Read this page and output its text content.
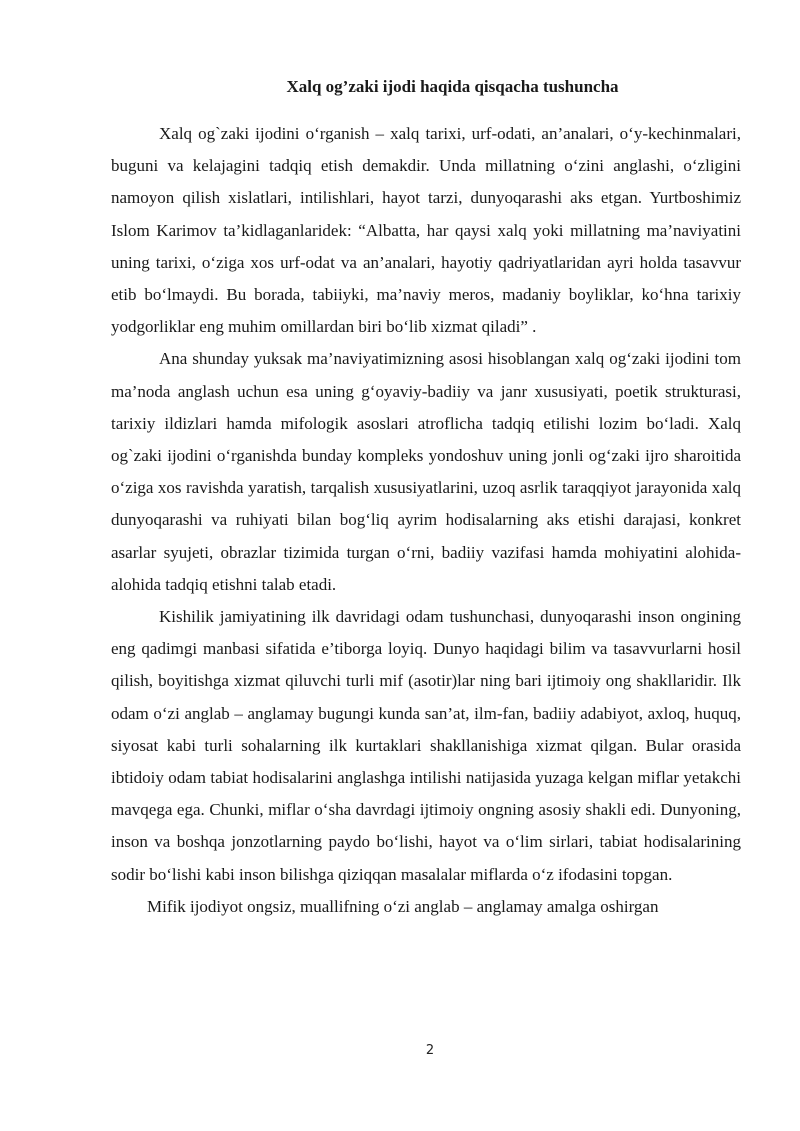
Xalq og’zaki ijodi haqida qisqacha tushuncha

Xalq og`zaki ijodini o‘rganish – xalq tarixi, urf-odati, an’analari, o‘y-kechinmalari, buguni va kelajagini tadqiq etish demakdir. Unda millatning o‘zini anglashi, o‘zligini namoyon qilish xislatlari, intilishlari, hayot tarzi, dunyoqarashi aks etgan. Yurtboshimiz Islom Karimov ta’kidlaganlaridek: “Albatta, har qaysi xalq yoki millatning ma’naviyatini uning tarixi, o‘ziga xos urf-odat va an’analari, hayotiy qadriyatlaridan ayri holda tasavvur etib bo‘lmaydi. Bu borada, tabiiyki, ma’naviy meros, madaniy boyliklar, ko‘hna tarixiy yodgorliklar eng muhim omillardan biri bo‘lib xizmat qiladi” .

Ana shunday yuksak ma’naviyatimizning asosi hisoblangan xalq og‘zaki ijodini tom ma’noda anglash uchun esa uning g‘oyaviy-badiiy va janr xususiyati, poetik strukturasi, tarixiy ildizlari hamda mifologik asoslari atroflicha tadqiq etilishi lozim bo‘ladi. Xalq og`zaki ijodini o‘rganishda bunday kompleks yondoshuv uning jonli og‘zaki ijro sharoitida o‘ziga xos ravishda yaratish, tarqalish xususiyatlarini, uzoq asrlik taraqqiyot jarayonida xalq dunyoqarashi va ruhiyati bilan bog‘liq ayrim hodisalarning aks etishi darajasi, konkret asarlar syujeti, obrazlar tizimida turgan o‘rni, badiiy vazifasi hamda mohiyatini alohida- alohida tadqiq etishni talab etadi.

Kishilik jamiyatining ilk davridagi odam tushunchasi, dunyoqarashi inson ongining eng qadimgi manbasi sifatida e’tiborga loyiq. Dunyo haqidagi bilim va tasavvurlarni hosil qilish, boyitishga xizmat qiluvchi turli mif (asotir)lar ning bari ijtimoiy ong shakllaridir. Ilk odam o‘zi anglab – anglamay bugungi kunda san’at, ilm-fan, badiiy adabiyot, axloq, huquq, siyosat kabi turli sohalarning ilk kurtaklari shakllanishiga xizmat qilgan. Bular orasida ibtidoiy odam tabiat hodisalarini anglashga intilishi natijasida yuzaga kelgan miflar yetakchi mavqega ega. Chunki, miflar o‘sha davrdagi ijtimoiy ongning asosiy shakli edi. Dunyoning, inson va boshqa jonzotlarning paydo bo‘lishi, hayot va o‘lim sirlari, tabiat hodisalarining sodir bo‘lishi kabi inson bilishga qiziqqan masalalar miflarda o‘z ifodasini topgan.

Mifik ijodiyot ongsiz, muallifning o‘zi anglab – anglamay amalga oshirgan

2
